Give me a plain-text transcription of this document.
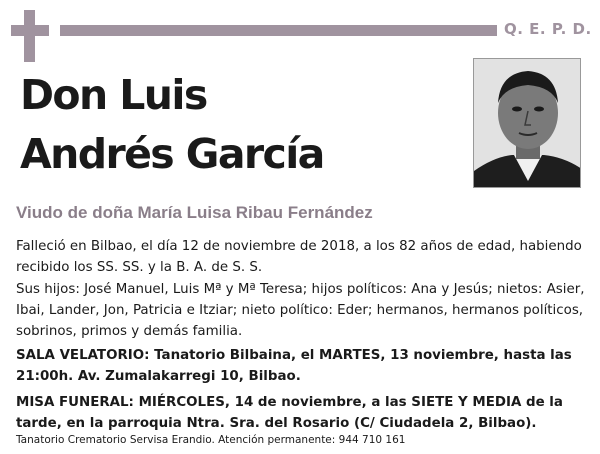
Q. E. P. D.
Don Luis
Andrés García
Viudo de doña María Luisa Ribau Fernández
Falleció en Bilbao, el día 12 de noviembre de 2018, a los 82 años de edad, habiendo recibido los SS. SS. y la B. A. de S. S.
Sus hijos: José Manuel, Luis Mª y Mª Teresa; hijos políticos: Ana y Jesús; nietos: Asier, Ibai, Lander, Jon, Patricia e Itziar; nieto político: Eder; hermanos, hermanos políticos, sobrinos, primos y demás familia.
SALA VELATORIO: Tanatorio Bilbaina, el MARTES, 13 noviembre, hasta las 21:00h. Av. Zumalakarregi 10, Bilbao.
MISA FUNERAL: MIÉRCOLES, 14 de noviembre, a las SIETE Y MEDIA de la tarde, en la parroquia Ntra. Sra. del Rosario (C/ Ciudadela 2, Bilbao).
Tanatorio Crematorio Servisa Erandio. Atención permanente: 944 710 161
